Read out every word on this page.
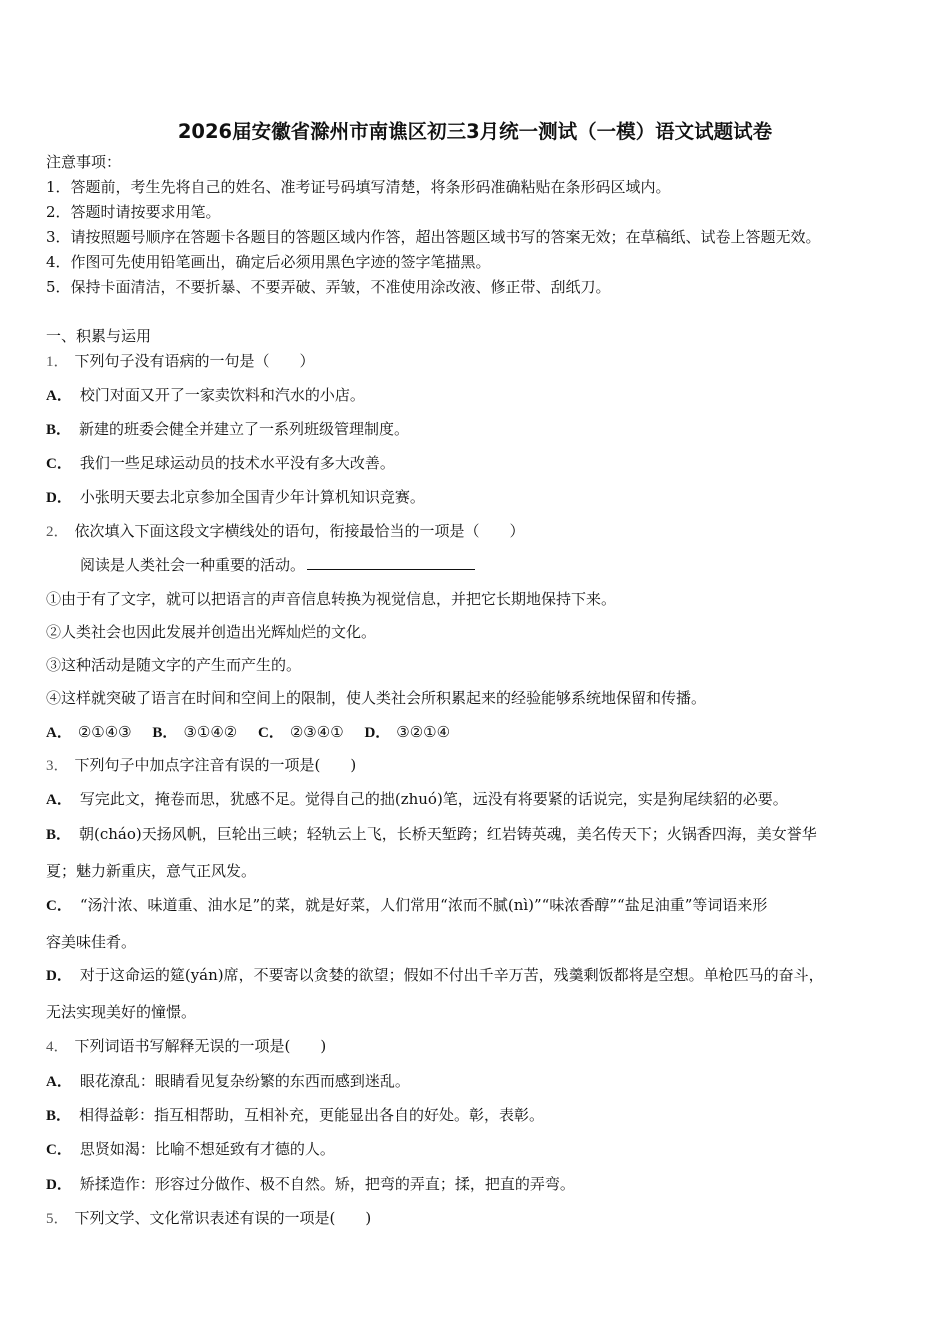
2026届安徽省滁州市南谯区初三3月统一测试（一模）语文试题试卷
注意事项：
1．答题前，考生先将自己的姓名、准考证号码填写清楚，将条形码准确粘贴在条形码区域内。
2．答题时请按要求用笔。
3．请按照题号顺序在答题卡各题目的答题区域内作答，超出答题区域书写的答案无效；在草稿纸、试卷上答题无效。
4．作图可先使用铅笔画出，确定后必须用黑色字迹的签字笔描黑。
5．保持卡面清洁，不要折暴、不要弄破、弄皱，不准使用涂改液、修正带、刮纸刀。
一、积累与运用
1． 下列句子没有语病的一句是（　　）
A． 校门对面又开了一家卖饮料和汽水的小店。
B． 新建的班委会健全并建立了一系列班级管理制度。
C． 我们一些足球运动员的技术水平没有多大改善。
D． 小张明天要去北京参加全国青少年计算机知识竞赛。
2． 依次填入下面这段文字横线处的语句，衔接最恰当的一项是（　　）
阅读是人类社会一种重要的活动。
①由于有了文字，就可以把语言的声音信息转换为视觉信息，并把它长期地保持下来。
②人类社会也因此发展并创造出光辉灿烂的文化。
③这种活动是随文字的产生而产生的。
④这样就突破了语言在时间和空间上的限制，使人类社会所积累起来的经验能够系统地保留和传播。
A． ②①④③ B． ③①④② C． ②③④① D． ③②①④
3． 下列句子中加点字注音有误的一项是(　　)
A． 写完此文，掩卷而思，犹感不足。觉得自己的拙(zhuó)笔，远没有将要紧的话说完，实是狗尾续貂的必要。
B． 朝(cháo)天扬风帆，巨轮出三峡；轻轨云上飞，长桥天堑跨；红岩铸英魂，美名传天下；火锅香四海，美女誉华
夏；魅力新重庆，意气正风发。
C． “汤汁浓、味道重、油水足”的菜，就是好菜，人们常用“浓而不腻(nì)”“味浓香醇”“盐足油重”等词语来形
容美味佳肴。
D． 对于这命运的筵(yán)席，不要寄以贪婪的欲望；假如不付出千辛万苦，残羹剩饭都将是空想。单枪匹马的奋斗，
无法实现美好的憧憬。
4． 下列词语书写解释无误的一项是(　　)
A． 眼花潦乱：眼睛看见复杂纷繁的东西而感到迷乱。
B． 相得益彰：指互相帮助，互相补充，更能显出各自的好处。彰，表彰。
C． 思贤如渴：比喻不想延致有才德的人。
D． 矫揉造作：形容过分做作、极不自然。矫，把弯的弄直；揉，把直的弄弯。
5． 下列文学、文化常识表述有误的一项是(　　)
